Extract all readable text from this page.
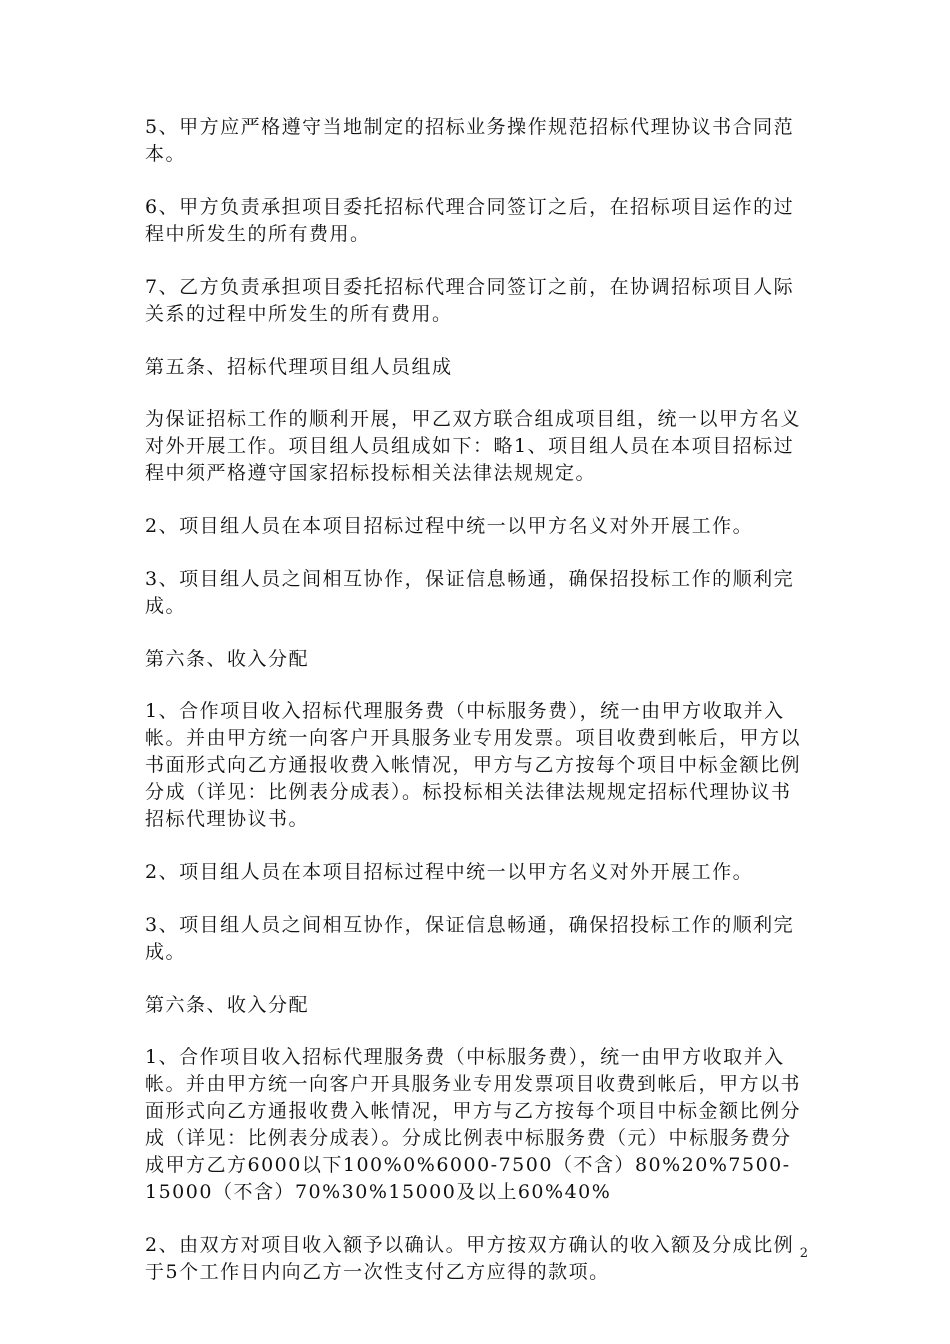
5、甲方应严格遵守当地制定的招标业务操作规范招标代理协议书合同范本。

6、甲方负责承担项目委托招标代理合同签订之后，在招标项目运作的过程中所发生的所有费用。

7、乙方负责承担项目委托招标代理合同签订之前，在协调招标项目人际关系的过程中所发生的所有费用。

第五条、招标代理项目组人员组成

为保证招标工作的顺利开展，甲乙双方联合组成项目组，统一以甲方名义对外开展工作。项目组人员组成如下：略1、项目组人员在本项目招标过程中须严格遵守国家招标投标相关法律法规规定。

2、项目组人员在本项目招标过程中统一以甲方名义对外开展工作。

3、项目组人员之间相互协作，保证信息畅通，确保招投标工作的顺利完成。

第六条、收入分配

1、合作项目收入招标代理服务费（中标服务费），统一由甲方收取并入帐。并由甲方统一向客户开具服务业专用发票。项目收费到帐后，甲方以书面形式向乙方通报收费入帐情况，甲方与乙方按每个项目中标金额比例分成（详见：比例表分成表）。标投标相关法律法规规定招标代理协议书招标代理协议书。

2、项目组人员在本项目招标过程中统一以甲方名义对外开展工作。

3、项目组人员之间相互协作，保证信息畅通，确保招投标工作的顺利完成。

第六条、收入分配

1、合作项目收入招标代理服务费（中标服务费），统一由甲方收取并入帐。并由甲方统一向客户开具服务业专用发票项目收费到帐后，甲方以书面形式向乙方通报收费入帐情况，甲方与乙方按每个项目中标金额比例分成（详见：比例表分成表）。分成比例表中标服务费（元）中标服务费分成甲方乙方6000以下100%0%6000-7500（不含）80%20%7500-15000（不含）70%30%15000及以上60%40%

2、由双方对项目收入额予以确认。甲方按双方确认的收入额及分成比例于5个工作日内向乙方一次性支付乙方应得的款项。

2
